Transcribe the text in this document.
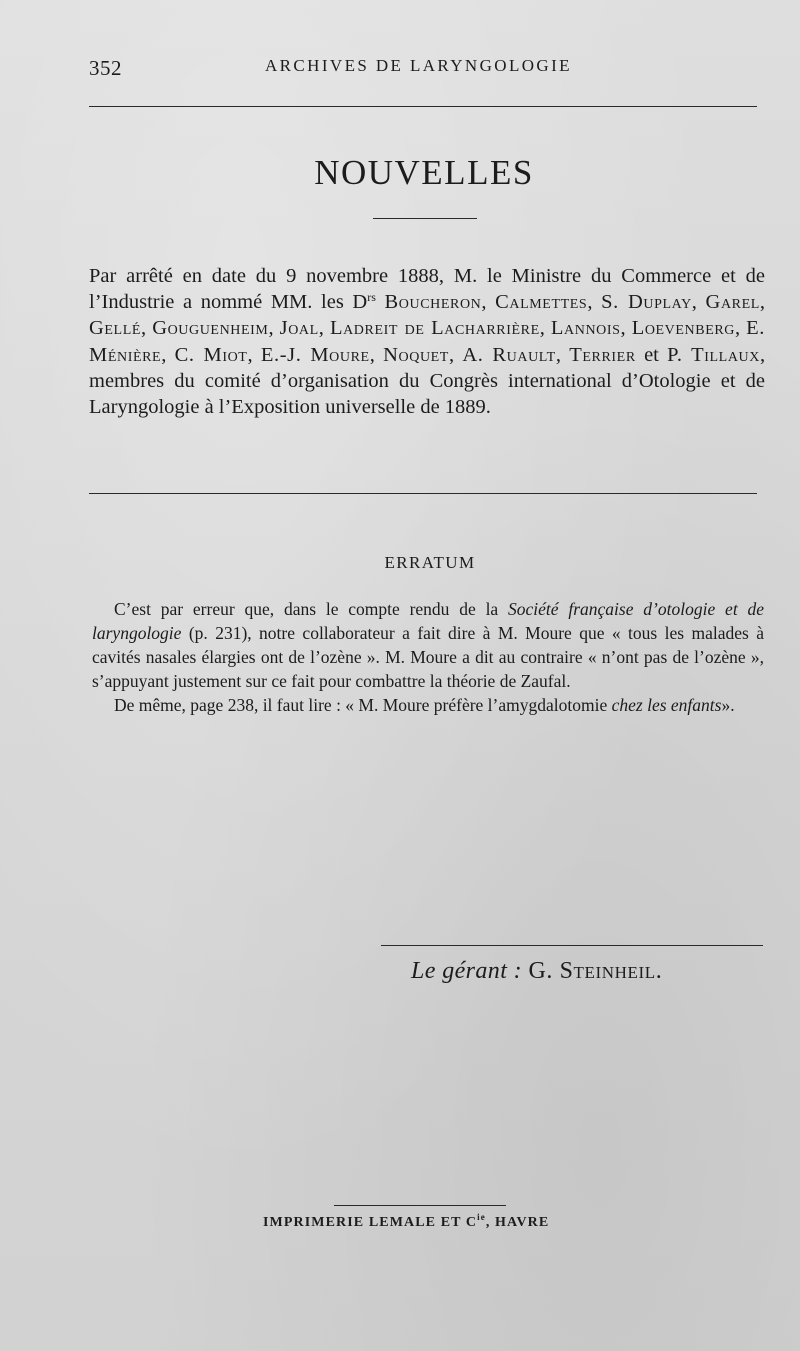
352	ARCHIVES DE LARYNGOLOGIE
NOUVELLES

Par arrêté en date du 9 novembre 1888, M. le Ministre du Commerce et de l’Industrie a nommé MM. les $D^{rs}$ Boucheron, Calmettes, S. Duplay, Garel, Gellé, Gouguenheim, Joal, Ladreit de Lacharrière, Lannois, Loevenberg, E. Ménière, C. Miot, E.-J. Moure, Noquet, A. Ruault, Terrier et P. Tillaux, membres du comité d’organisation du Congrès international d’Otologie et de Laryngologie à l’Exposition universelle de 1889.

ERRATUM

C’est par erreur que, dans le compte rendu de la Société française d’otologie et de laryngologie (p. 231), notre collaborateur a fait dire à M. Moure que « tous les malades à cavités nasales élargies ont de l’ozène ». M. Moure a dit au contraire « n’ont pas de l’ozène », s’appuyant justement sur ce fait pour combattre la théorie de Zaufal.

De même, page 238, il faut lire : « M. Moure préfère l’amygdalotomie chez les enfants».

Le gérant : G. Steinheil.
IMPRIMERIE LEMALE ET $C^{ie}$, HAVRE
